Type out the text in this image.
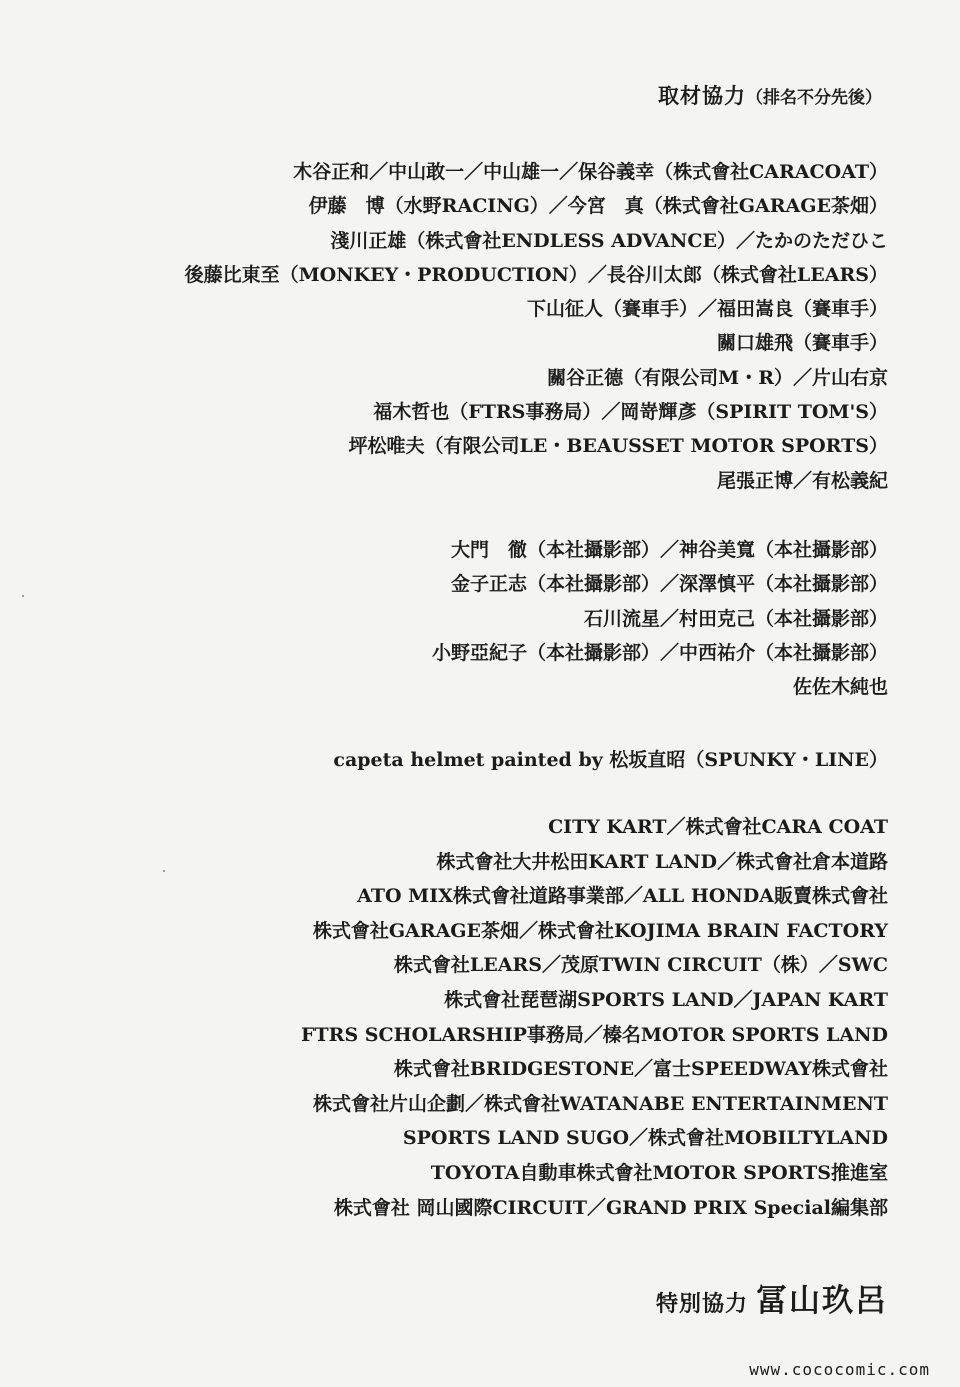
取材協力（排名不分先後）
木谷正和／中山敢一／中山雄一／保谷義幸（株式會社CARACOAT）
伊藤　博（水野RACING）／今宮　真（株式會社GARAGE茶畑）
淺川正雄（株式會社ENDLESS ADVANCE）／たかのただひこ
後藤比東至（MONKEY・PRODUCTION）／長谷川太郎（株式會社LEARS）
下山征人（賽車手）／福田嵩良（賽車手）
關口雄飛（賽車手）
關谷正德（有限公司M・R）／片山右京
福木哲也（FTRS事務局）／岡嵜輝彥（SPIRIT TOM'S）
坪松唯夫（有限公司LE・BEAUSSET MOTOR SPORTS）
尾張正博／有松義紀
大門　徹（本社攝影部）／神谷美寬（本社攝影部）
金子正志（本社攝影部）／深澤慎平（本社攝影部）
石川流星／村田克己（本社攝影部）
小野亞紀子（本社攝影部）／中西祐介（本社攝影部）
佐佐木純也
capeta helmet painted by 松坂直昭（SPUNKY・LINE）
CITY KART／株式會社CARA COAT
株式會社大井松田KART LAND／株式會社倉本道路
ATO MIX株式會社道路事業部／ALL HONDA販賣株式會社
株式會社GARAGE茶畑／株式會社KOJIMA BRAIN FACTORY
株式會社LEARS／茂原TWIN CIRCUIT（株）／SWC
株式會社琵琶湖SPORTS LAND／JAPAN KART
FTRS SCHOLARSHIP事務局／榛名MOTOR SPORTS LAND
株式會社BRIDGESTONE／富士SPEEDWAY株式會社
株式會社片山企劃／株式會社WATANABE ENTERTAINMENT
SPORTS LAND SUGO／株式會社MOBILTYLAND
TOYOTA自動車株式會社MOTOR SPORTS推進室
株式會社 岡山國際CIRCUIT／GRAND PRIX Special編集部
特別協力 冨山玖呂
www.cococomic.com
